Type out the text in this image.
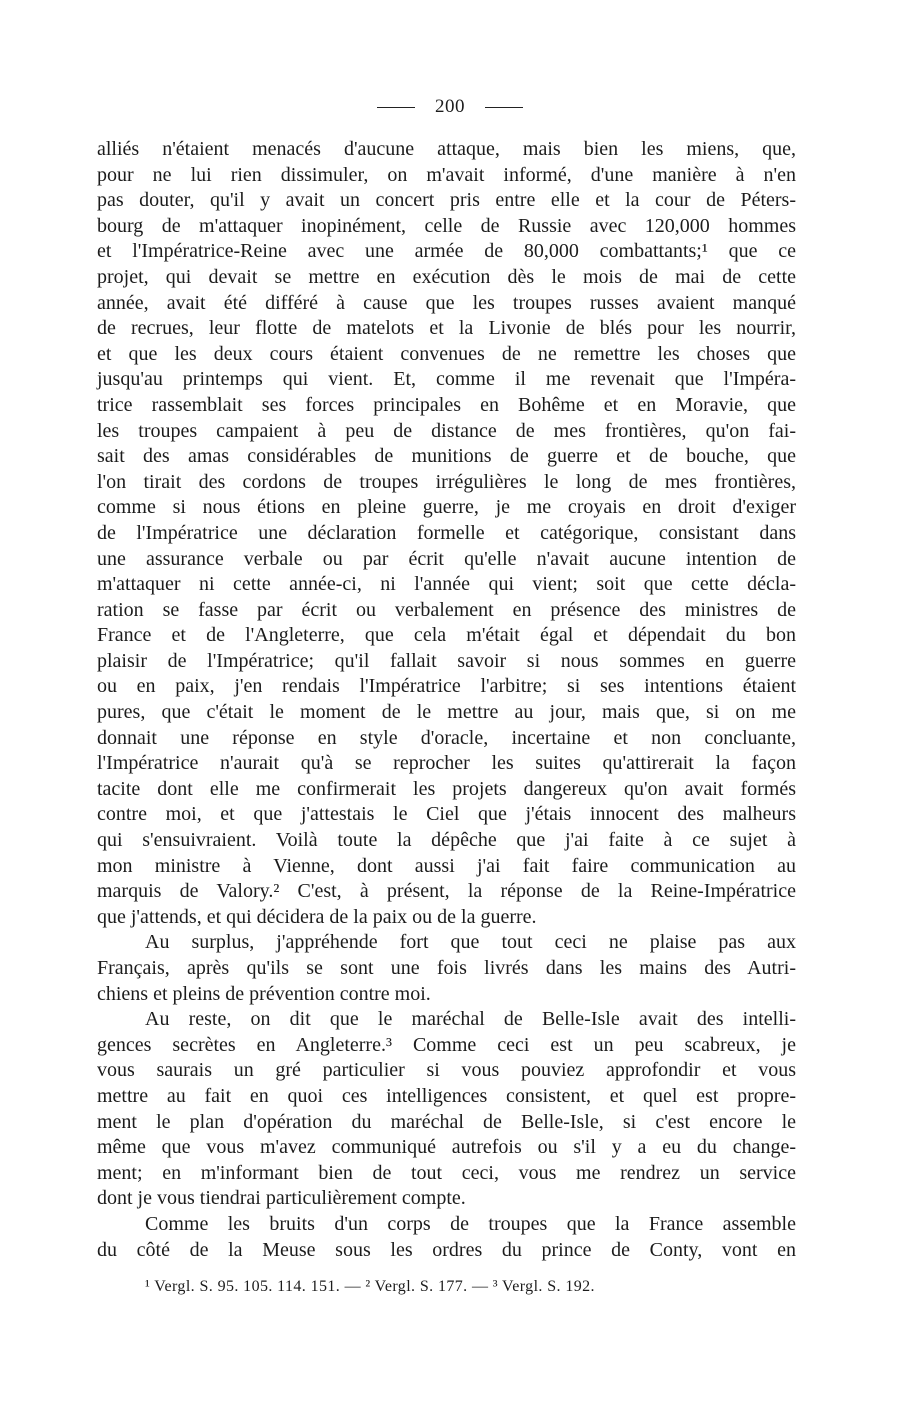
200
alliés n'étaient menacés d'aucune attaque, mais bien les miens, que,
pour ne lui rien dissimuler, on m'avait informé, d'une manière à n'en
pas douter, qu'il y avait un concert pris entre elle et la cour de Péters-
bourg de m'attaquer inopinément, celle de Russie avec 120,000 hommes
et l'Impératrice-Reine avec une armée de 80,000 combattants;¹ que ce
projet, qui devait se mettre en exécution dès le mois de mai de cette
année, avait été différé à cause que les troupes russes avaient manqué
de recrues, leur flotte de matelots et la Livonie de blés pour les nourrir,
et que les deux cours étaient convenues de ne remettre les choses que
jusqu'au printemps qui vient. Et, comme il me revenait que l'Impéra-
trice rassemblait ses forces principales en Bohême et en Moravie, que
les troupes campaient à peu de distance de mes frontières, qu'on fai-
sait des amas considérables de munitions de guerre et de bouche, que
l'on tirait des cordons de troupes irrégulières le long de mes frontières,
comme si nous étions en pleine guerre, je me croyais en droit d'exiger
de l'Impératrice une déclaration formelle et catégorique, consistant dans
une assurance verbale ou par écrit qu'elle n'avait aucune intention de
m'attaquer ni cette année-ci, ni l'année qui vient; soit que cette décla-
ration se fasse par écrit ou verbalement en présence des ministres de
France et de l'Angleterre, que cela m'était égal et dépendait du bon
plaisir de l'Impératrice; qu'il fallait savoir si nous sommes en guerre
ou en paix, j'en rendais l'Impératrice l'arbitre; si ses intentions étaient
pures, que c'était le moment de le mettre au jour, mais que, si on me
donnait une réponse en style d'oracle, incertaine et non concluante,
l'Impératrice n'aurait qu'à se reprocher les suites qu'attirerait la façon
tacite dont elle me confirmerait les projets dangereux qu'on avait formés
contre moi, et que j'attestais le Ciel que j'étais innocent des malheurs
qui s'ensuivraient. Voilà toute la dépêche que j'ai faite à ce sujet à
mon ministre à Vienne, dont aussi j'ai fait faire communication au
marquis de Valory.² C'est, à présent, la réponse de la Reine-Impératrice
que j'attends, et qui décidera de la paix ou de la guerre.
Au surplus, j'appréhende fort que tout ceci ne plaise pas aux
Français, après qu'ils se sont une fois livrés dans les mains des Autri-
chiens et pleins de prévention contre moi.
Au reste, on dit que le maréchal de Belle-Isle avait des intelli-
gences secrètes en Angleterre.³ Comme ceci est un peu scabreux, je
vous saurais un gré particulier si vous pouviez approfondir et vous
mettre au fait en quoi ces intelligences consistent, et quel est propre-
ment le plan d'opération du maréchal de Belle-Isle, si c'est encore le
même que vous m'avez communiqué autrefois ou s'il y a eu du change-
ment; en m'informant bien de tout ceci, vous me rendrez un service
dont je vous tiendrai particulièrement compte.
Comme les bruits d'un corps de troupes que la France assemble
du côté de la Meuse sous les ordres du prince de Conty, vont en
¹ Vergl. S. 95. 105. 114. 151. — ² Vergl. S. 177. — ³ Vergl. S. 192.
